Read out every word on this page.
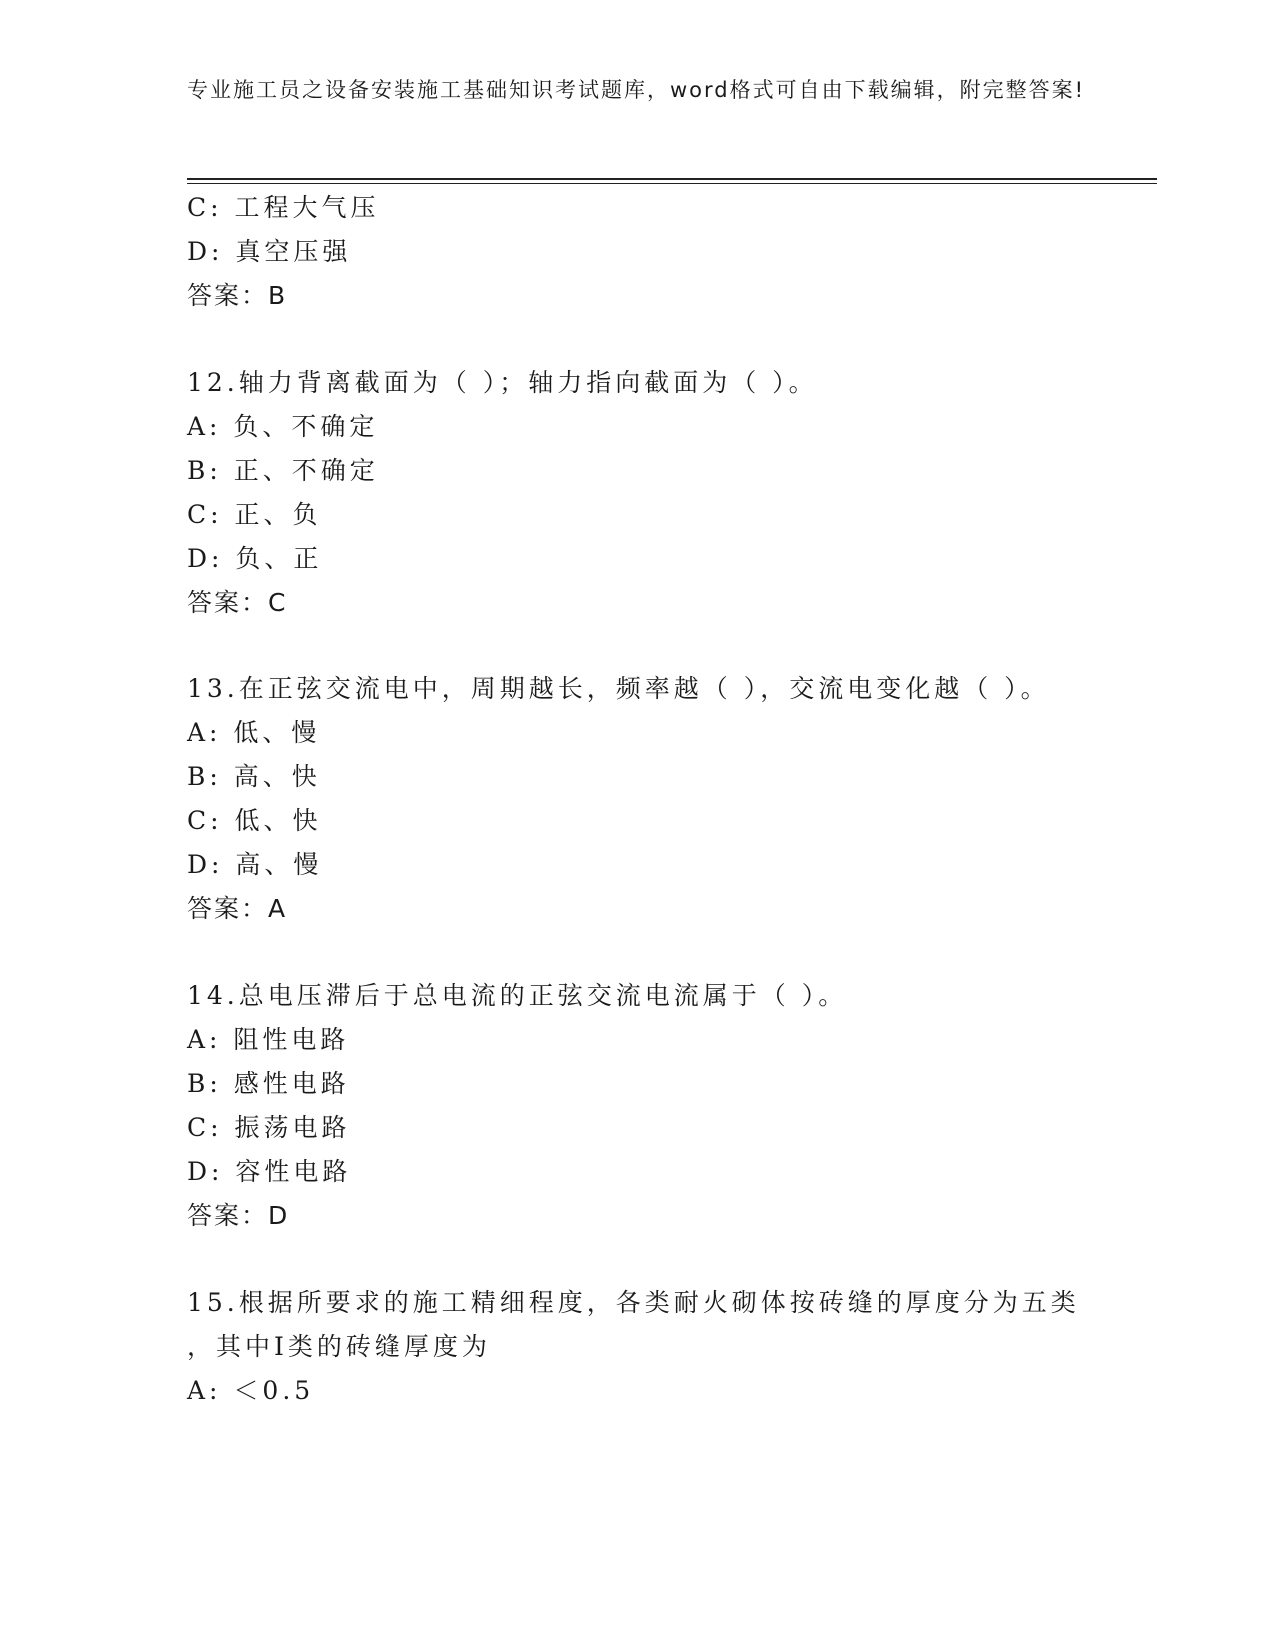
专业施工员之设备安装施工基础知识考试题库，word格式可自由下载编辑，附完整答案!
C: 工程大气压
D: 真空压强
答案：B
12.轴力背离截面为（ ）；轴力指向截面为（ ）。
A: 负、不确定
B: 正、不确定
C: 正、负
D: 负、正
答案：C
13.在正弦交流电中，周期越长，频率越（ ），交流电变化越（ ）。
A: 低、慢
B: 高、快
C: 低、快
D: 高、慢
答案：A
14.总电压滞后于总电流的正弦交流电流属于（ ）。
A: 阻性电路
B: 感性电路
C: 振荡电路
D: 容性电路
答案：D
15.根据所要求的施工精细程度，各类耐火砌体按砖缝的厚度分为五类
，其中I类的砖缝厚度为
A: ＜0.5
